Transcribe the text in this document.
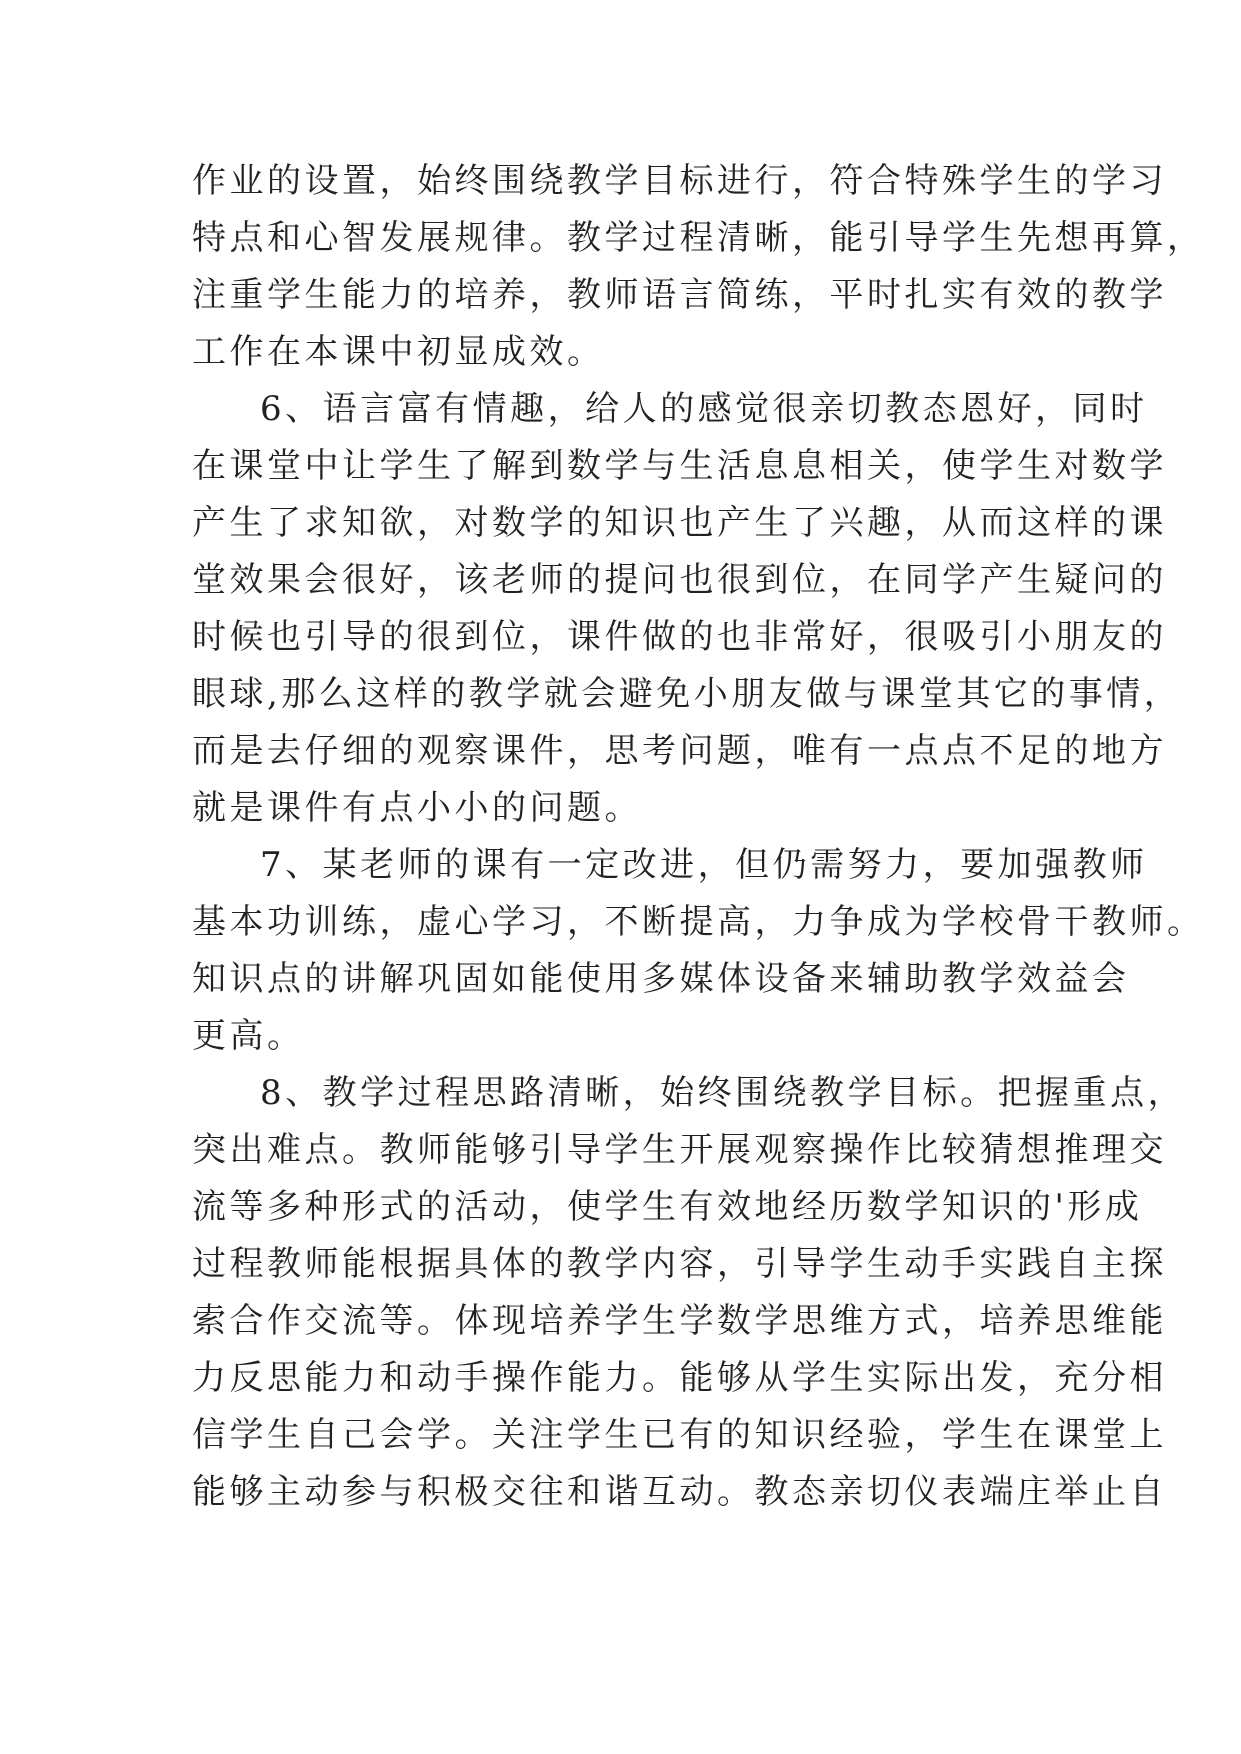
作业的设置，始终围绕教学目标进行，符合特殊学生的学习
特点和心智发展规律。教学过程清晰，能引导学生先想再算，
注重学生能力的培养，教师语言简练，平时扎实有效的教学
工作在本课中初显成效。
6、语言富有情趣，给人的感觉很亲切教态恩好，同时
在课堂中让学生了解到数学与生活息息相关，使学生对数学
产生了求知欲，对数学的知识也产生了兴趣，从而这样的课
堂效果会很好，该老师的提问也很到位，在同学产生疑问的
时候也引导的很到位，课件做的也非常好，很吸引小朋友的
眼球,那么这样的教学就会避免小朋友做与课堂其它的事情，
而是去仔细的观察课件，思考问题，唯有一点点不足的地方
就是课件有点小小的问题。
7、某老师的课有一定改进，但仍需努力，要加强教师
基本功训练，虚心学习，不断提高，力争成为学校骨干教师。
知识点的讲解巩固如能使用多媒体设备来辅助教学效益会
更高。
8、教学过程思路清晰，始终围绕教学目标。把握重点，
突出难点。教师能够引导学生开展观察操作比较猜想推理交
流等多种形式的活动，使学生有效地经历数学知识的'形成
过程教师能根据具体的教学内容，引导学生动手实践自主探
索合作交流等。体现培养学生学数学思维方式，培养思维能
力反思能力和动手操作能力。能够从学生实际出发，充分相
信学生自己会学。关注学生已有的知识经验，学生在课堂上
能够主动参与积极交往和谐互动。教态亲切仪表端庄举止自
